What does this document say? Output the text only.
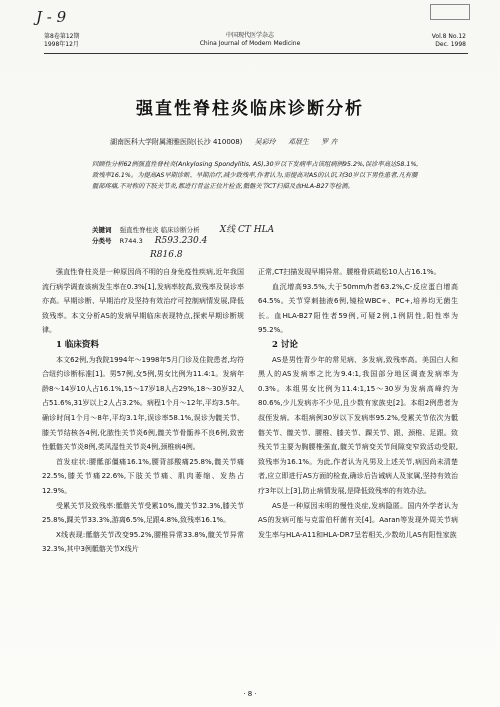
J - 9
第8卷第12期
1998年12月
中国现代医学杂志
China Journal of Modern Medicine
Vol.8 No.12
Dec. 1998
强直性脊柱炎临床诊断分析
湖南医科大学附属湘雅医院(长沙 410008) 吴彩玲 邓展生 罗 卉
回顾性分析62例强直性脊柱炎(Ankylosing Spondylitis, AS),30岁以下发病率占该组病例95.2%,误诊率高达58.1%,致残率16.1%。为提高AS早期诊断、早期治疗,减少致残率,作者认为,需提高对AS的认识,对30岁以下男性患者,凡有腰髋部疼痛,不对称的下肢关节炎,都进行骨盆正位片检查,骶髂关节CT扫描及血HLA-B27等检测。
关键词 强直性脊柱炎 临床诊断分析 X线 CT HLA
分类号 R744.3 R593.230.4
R816.8

强直性脊柱炎是一种原因尚不明的自身免疫性疾病,近年我国流行病学调查该病发生率在0.3%[1],发病率较高,致残率及误诊率亦高。早期诊断、早期治疗及坚持有效治疗可控制病情发展,降低致残率。本文分析AS的发病早期临床表现特点,探索早期诊断规律。

1 临床资料

本文62例,为我院1994年～1998年5月门诊及住院患者,均符合纽约诊断标准[1]。男57例,女5例,男女比例为11.4:1。发病年龄8～14岁10人占16.1%,15～17岁18人占29%,18～30岁32人占51.6%,31岁以上2人占3.2%。病程1个月～12年,平均3.5年。确诊时间1个月～8年,平均3.1年,误诊率58.1%,误诊为髋关节、膝关节结核各4例,化脓性关节炎6例,髋关节骨骺养不良6例,致密性骶髂关节炎8例,类风湿性关节炎4例,颈椎病4例。

首发症状:腰骶部僵痛16.1%,腰背部酸痛25.8%,髋关节痛22.5%,膝关节痛22.6%,下肢关节痛、肌肉萎缩、发热占12.9%。

受累关节及致残率:骶髂关节受累10%,髋关节32.3%,膝关节25.8%,踝关节33.3%,游离6.5%,足跟4.8%,致残率16.1%。

X线表现:骶髂关节改变95.2%,腰椎异常33.8%,髋关节异常32.3%,其中3例骶髂关节X线片

正常,CT扫描发现早期异常。腰椎骨质疏松10人占16.1%。

血沉增高93.5%,大于50mm/h者63.2%,C-反应蛋白增高64.5%。关节穿刺抽液6例,镜检WBC+、PC+,培养均无菌生长。血HLA-B27阳性者59例,可疑2例,1例阴性,阳性率为95.2%。

2 讨论

AS是男性青少年的常见病、多发病,致残率高。美国白人和黑人的AS发病率之比为9.4:1,我国部分地区调查发病率为0.3%。本组男女比例为11.4:1,15～30岁为发病高峰约为80.6%,少儿发病亦不少见,且少数有家族史[2]。本组2例患者为叔侄发病。本组病例30岁以下发病率95.2%,受累关节依次为骶髂关节、髋关节、腰椎、膝关节、踝关节、跟、颈椎、足跟。致残关节主要为胸腰椎强直,髋关节病变关节间隙变窄致活动受限,致残率为16.1%。为此,作者认为凡男及上述关节,病因尚未清楚者,应立即进行AS方面的检查,确诊后告诫病人及家属,坚持有效治疗3年以上[3],防止病情发展,是降低致残率的有效办法。

AS是一种原因未明的慢性炎症,发病隐匿。国内外学者认为AS的发病可能与克雷伯杆菌有关[4]。Aaran等发现外周关节病发生率与HLA-A11和HLA-DR7呈若相关,少数幼儿AS有阳性家族

· 8 ·
